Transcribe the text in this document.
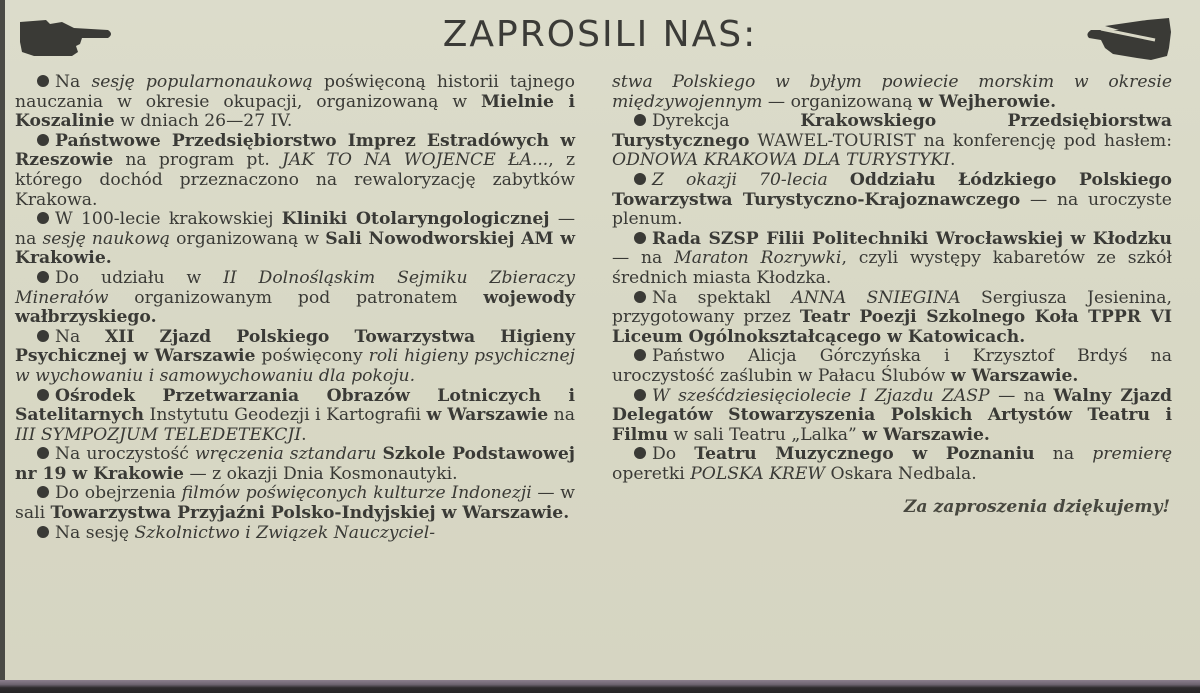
ZAPROSILI NAS:

Na sesję popularnonaukową poświęconą historii tajnego nauczania w okresie okupacji, organizowaną w Mielnie i Koszalinie w dniach 26—27 IV.

Państwowe Przedsiębiorstwo Imprez Estradówych w Rzeszowie na program pt. JAK TO NA WOJENCE ŁA..., z którego dochód przeznaczono na rewaloryzację zabytków Krakowa.

W 100-lecie krakowskiej Kliniki Otolaryngologicznej — na sesję naukową organizowaną w Sali Nowodworskiej AM w Krakowie.

Do udziału w II Dolnośląskim Sejmiku Zbieraczy Minerałów organizowanym pod patronatem wojewody wałbrzyskiego.

Na XII Zjazd Polskiego Towarzystwa Higieny Psychicznej w Warszawie poświęcony roli higieny psychicznej w wychowaniu i samowychowaniu dla pokoju.

Ośrodek Przetwarzania Obrazów Lotniczych i Satelitarnych Instytutu Geodezji i Kartografii w Warszawie na III SYMPOZJUM TELEDETEKCJI.

Na uroczystość wręczenia sztandaru Szkole Podstawowej nr 19 w Krakowie — z okazji Dnia Kosmonautyki.

Do obejrzenia filmów poświęconych kulturze Indonezji — w sali Towarzystwa Przyjaźni Polsko-Indyjskiej w Warszawie.

Na sesję Szkolnictwo i Związek Nauczyciel-

stwa Polskiego w byłym powiecie morskim w okresie międzywojennym — organizowaną w Wejherowie.

Dyrekcja Krakowskiego Przedsiębiorstwa Turystycznego WAWEL-TOURIST na konferencję pod hasłem: ODNOWA KRAKOWA DLA TURYSTYKI.

Z okazji 70-lecia Oddziału Łódzkiego Polskiego Towarzystwa Turystyczno-Krajoznawczego — na uroczyste plenum.

Rada SZSP Filii Politechniki Wrocławskiej w Kłodzku — na Maraton Rozrywki, czyli występy kabaretów ze szkół średnich miasta Kłodzka.

Na spektakl ANNA SNIEGINA Sergiusza Jesienina, przygotowany przez Teatr Poezji Szkolnego Koła TPPR VI Liceum Ogólnokształcącego w Katowicach.

Państwo Alicja Górczyńska i Krzysztof Brdyś na uroczystość zaślubin w Pałacu Ślubów w Warszawie.

W sześćdziesięciolecie I Zjazdu ZASP — na Walny Zjazd Delegatów Stowarzyszenia Polskich Artystów Teatru i Filmu w sali Teatru „Lalka” w Warszawie.

Do Teatru Muzycznego w Poznaniu na premierę operetki POLSKA KREW Oskara Nedbala.

Za zaproszenia dziękujemy!
